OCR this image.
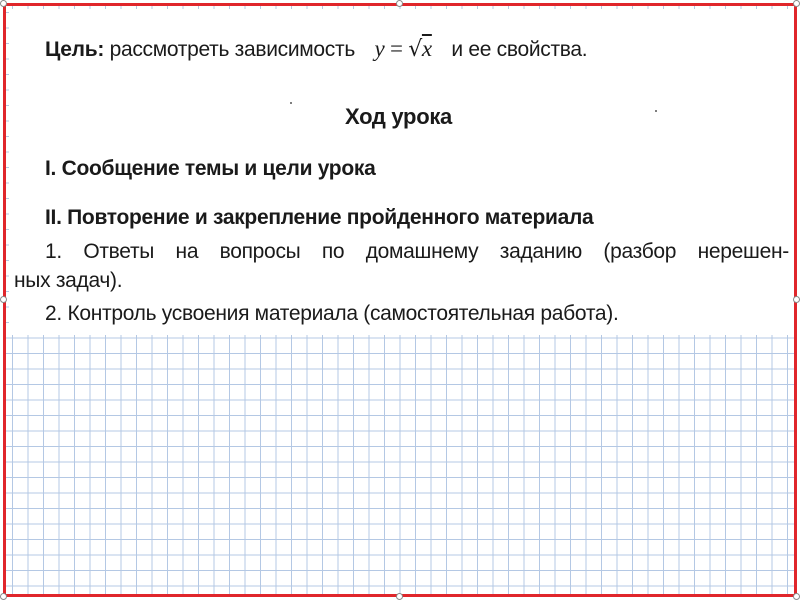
Цель: рассмотреть зависимость y = √x и ее свойства.
Ход урока
I. Сообщение темы и цели урока
II. Повторение и закрепление пройденного материала
1. Ответы на вопросы по домашнему заданию (разбор нерешен-
ных задач).
2. Контроль усвоения материала (самостоятельная работа).
